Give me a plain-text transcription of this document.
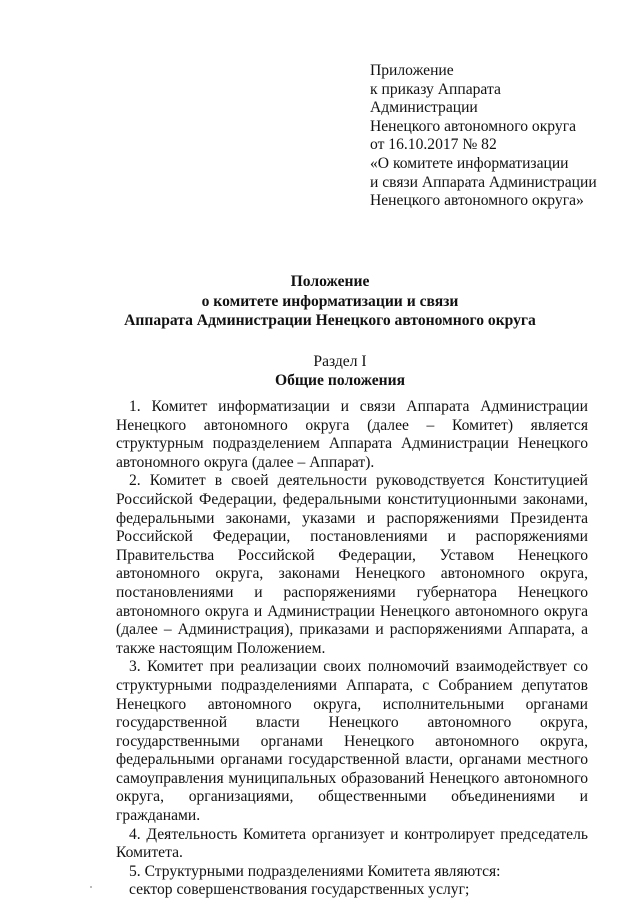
Приложение
к приказу Аппарата
Администрации
Ненецкого автономного округа
от 16.10.2017 № 82
«О комитете информатизации
и связи Аппарата Администрации
Ненецкого автономного округа»
Положение
о комитете информатизации и связи
Аппарата Администрации Ненецкого автономного округа
Раздел I
Общие положения

1. Комитет информатизации и связи Аппарата Администрации Ненецкого автономного округа (далее – Комитет) является структурным подразделением Аппарата Администрации Ненецкого автономного округа (далее – Аппарат).

2. Комитет в своей деятельности руководствуется Конституцией Российской Федерации, федеральными конституционными законами, федеральными законами, указами и распоряжениями Президента Российской Федерации, постановлениями и распоряжениями Правительства Российской Федерации, Уставом Ненецкого автономного округа, законами Ненецкого автономного округа, постановлениями и распоряжениями губернатора Ненецкого автономного округа и Администрации Ненецкого автономного округа (далее – Администрация), приказами и распоряжениями Аппарата, а также настоящим Положением.

3. Комитет при реализации своих полномочий взаимодействует со структурными подразделениями Аппарата, с Собранием депутатов Ненецкого автономного округа, исполнительными органами государственной власти Ненецкого автономного округа, государственными органами Ненецкого автономного округа, федеральными органами государственной власти, органами местного самоуправления муниципальных образований Ненецкого автономного округа, организациями, общественными объединениями и гражданами.

4. Деятельность Комитета организует и контролирует председатель Комитета.

5. Структурными подразделениями Комитета являются:

сектор совершенствования государственных услуг;
